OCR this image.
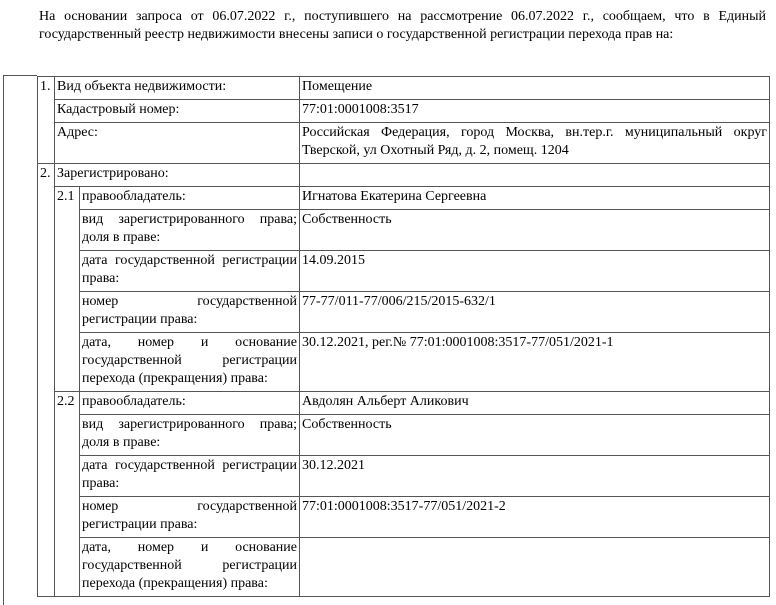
На основании запроса от 06.07.2022 г., поступившего на рассмотрение 06.07.2022 г., сообщаем, что в Единый государственный реестр недвижимости внесены записи о государственной регистрации перехода прав на:
1.	Вид объекта недвижимости:		Помещение
	Кадастровый номер:		77:01:0001008:3517
	Адрес:		Российская Федерация, город Москва, вн.тер.г. муниципальный округ Тверской, ул Охотный Ряд, д. 2, помещ. 1204
2.	Зарегистрировано:		
	2.1	правообладатель:	Игнатова Екатерина Сергеевна
		вид зарегистрированного права; доля в праве:	Собственность
		дата государственной регистрации права:	14.09.2015
		номер государственной регистрации права:	77-77/011-77/006/215/2015-632/1
		дата, номер и основание государственной регистрации перехода (прекращения) права:	30.12.2021, рег.№ 77:01:0001008:3517-77/051/2021-1
	2.2	правообладатель:	Авдолян Альберт Аликович
		вид зарегистрированного права; доля в праве:	Собственность
		дата государственной регистрации права:	30.12.2021
		номер государственной регистрации права:	77:01:0001008:3517-77/051/2021-2
		дата, номер и основание государственной регистрации перехода (прекращения) права:	
